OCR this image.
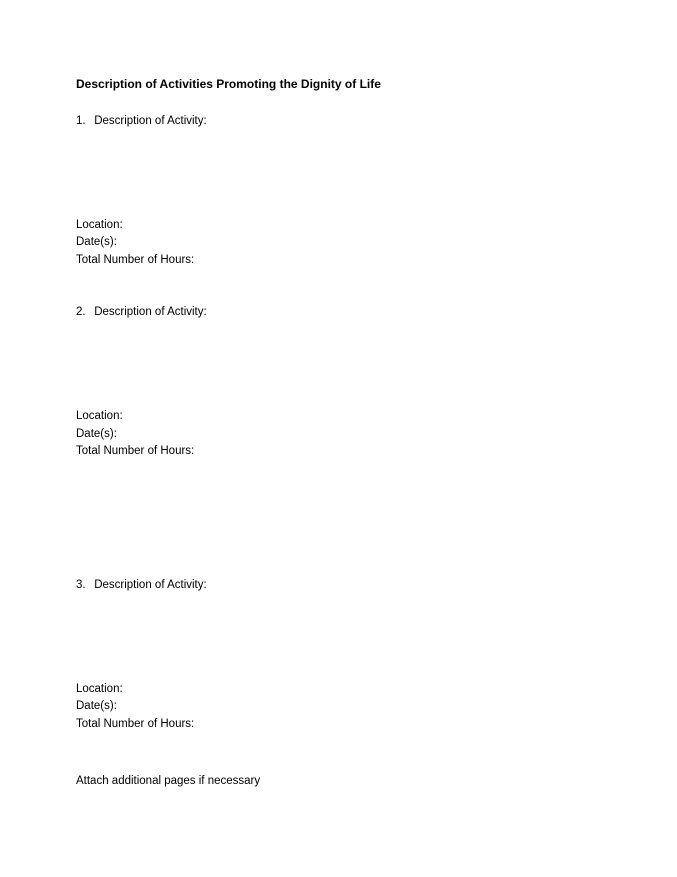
Description of Activities Promoting the Dignity of Life
1. Description of Activity:
Location:
Date(s):
Total Number of Hours:
2. Description of Activity:
Location:
Date(s):
Total Number of Hours:
3. Description of Activity:
Location:
Date(s):
Total Number of Hours:
Attach additional pages if necessary
